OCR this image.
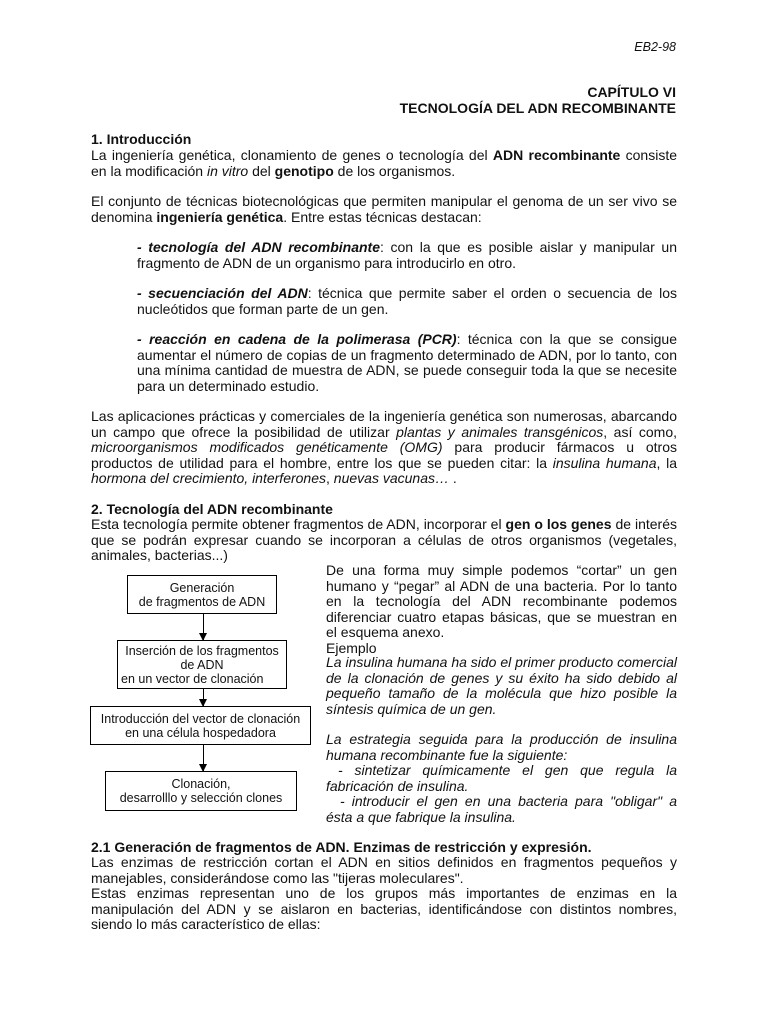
EB2-98
CAPÍTULO VI
TECNOLOGÍA DEL ADN RECOMBINANTE
1. Introducción

La ingeniería genética, clonamiento de genes o tecnología del ADN recombinante consiste en la modificación in vitro del genotipo de los organismos.

El conjunto de técnicas biotecnológicas que permiten manipular el genoma de un ser vivo se denomina ingeniería genética. Entre estas técnicas destacan:

- tecnología del ADN recombinante: con la que es posible aislar y manipular un fragmento de ADN de un organismo para introducirlo en otro.

- secuenciación del ADN: técnica que permite saber el orden o secuencia de los nucleótidos que forman parte de un gen.

- reacción en cadena de la polimerasa (PCR): técnica con la que se consigue aumentar el número de copias de un fragmento determinado de ADN, por lo tanto, con una mínima cantidad de muestra de ADN, se puede conseguir toda la que se necesite para un determinado estudio.

Las aplicaciones prácticas y comerciales de la ingeniería genética son numerosas, abarcando un campo que ofrece la posibilidad de utilizar plantas y animales transgénicos, así como, microorganismos modificados genéticamente (OMG) para producir fármacos u otros productos de utilidad para el hombre, entre los que se pueden citar: la insulina humana, la hormona del crecimiento, interferones, nuevas vacunas… .

2. Tecnología del ADN recombinante

Esta tecnología permite obtener fragmentos de ADN, incorporar el gen o los genes de interés que se podrán expresar cuando se incorporan a células de otros organismos (vegetales, animales, bacterias...)

Generación
de fragmentos de ADN
Inserción de los fragmentos
de ADN
en un vector de clonación
Introducción del vector de clonación
en una célula hospedadora
Clonación,
desarrolllo y selección clones

De una forma muy simple podemos “cortar” un gen humano y “pegar” al ADN de una bacteria. Por lo tanto en la tecnología del ADN recombinante podemos diferenciar cuatro etapas básicas, que se muestran en el esquema anexo.

Ejemplo

La insulina humana ha sido el primer producto comercial de la clonación de genes y su éxito ha sido debido al pequeño tamaño de la molécula que hizo posible la síntesis química de un gen.

La estrategia seguida para la producción de insulina humana recombinante fue la siguiente:

- sintetizar químicamente el gen que regula la fabricación de insulina.

- introducir el gen en una bacteria para "obligar" a ésta a que fabrique la insulina.

2.1 Generación de fragmentos de ADN. Enzimas de restricción y expresión.

Las enzimas de restricción cortan el ADN en sitios definidos en fragmentos pequeños y manejables, considerándose como las "tijeras moleculares".

Estas enzimas representan uno de los grupos más importantes de enzimas en la manipulación del ADN y se aislaron en bacterias, identificándose con distintos nombres, siendo lo más característico de ellas:
